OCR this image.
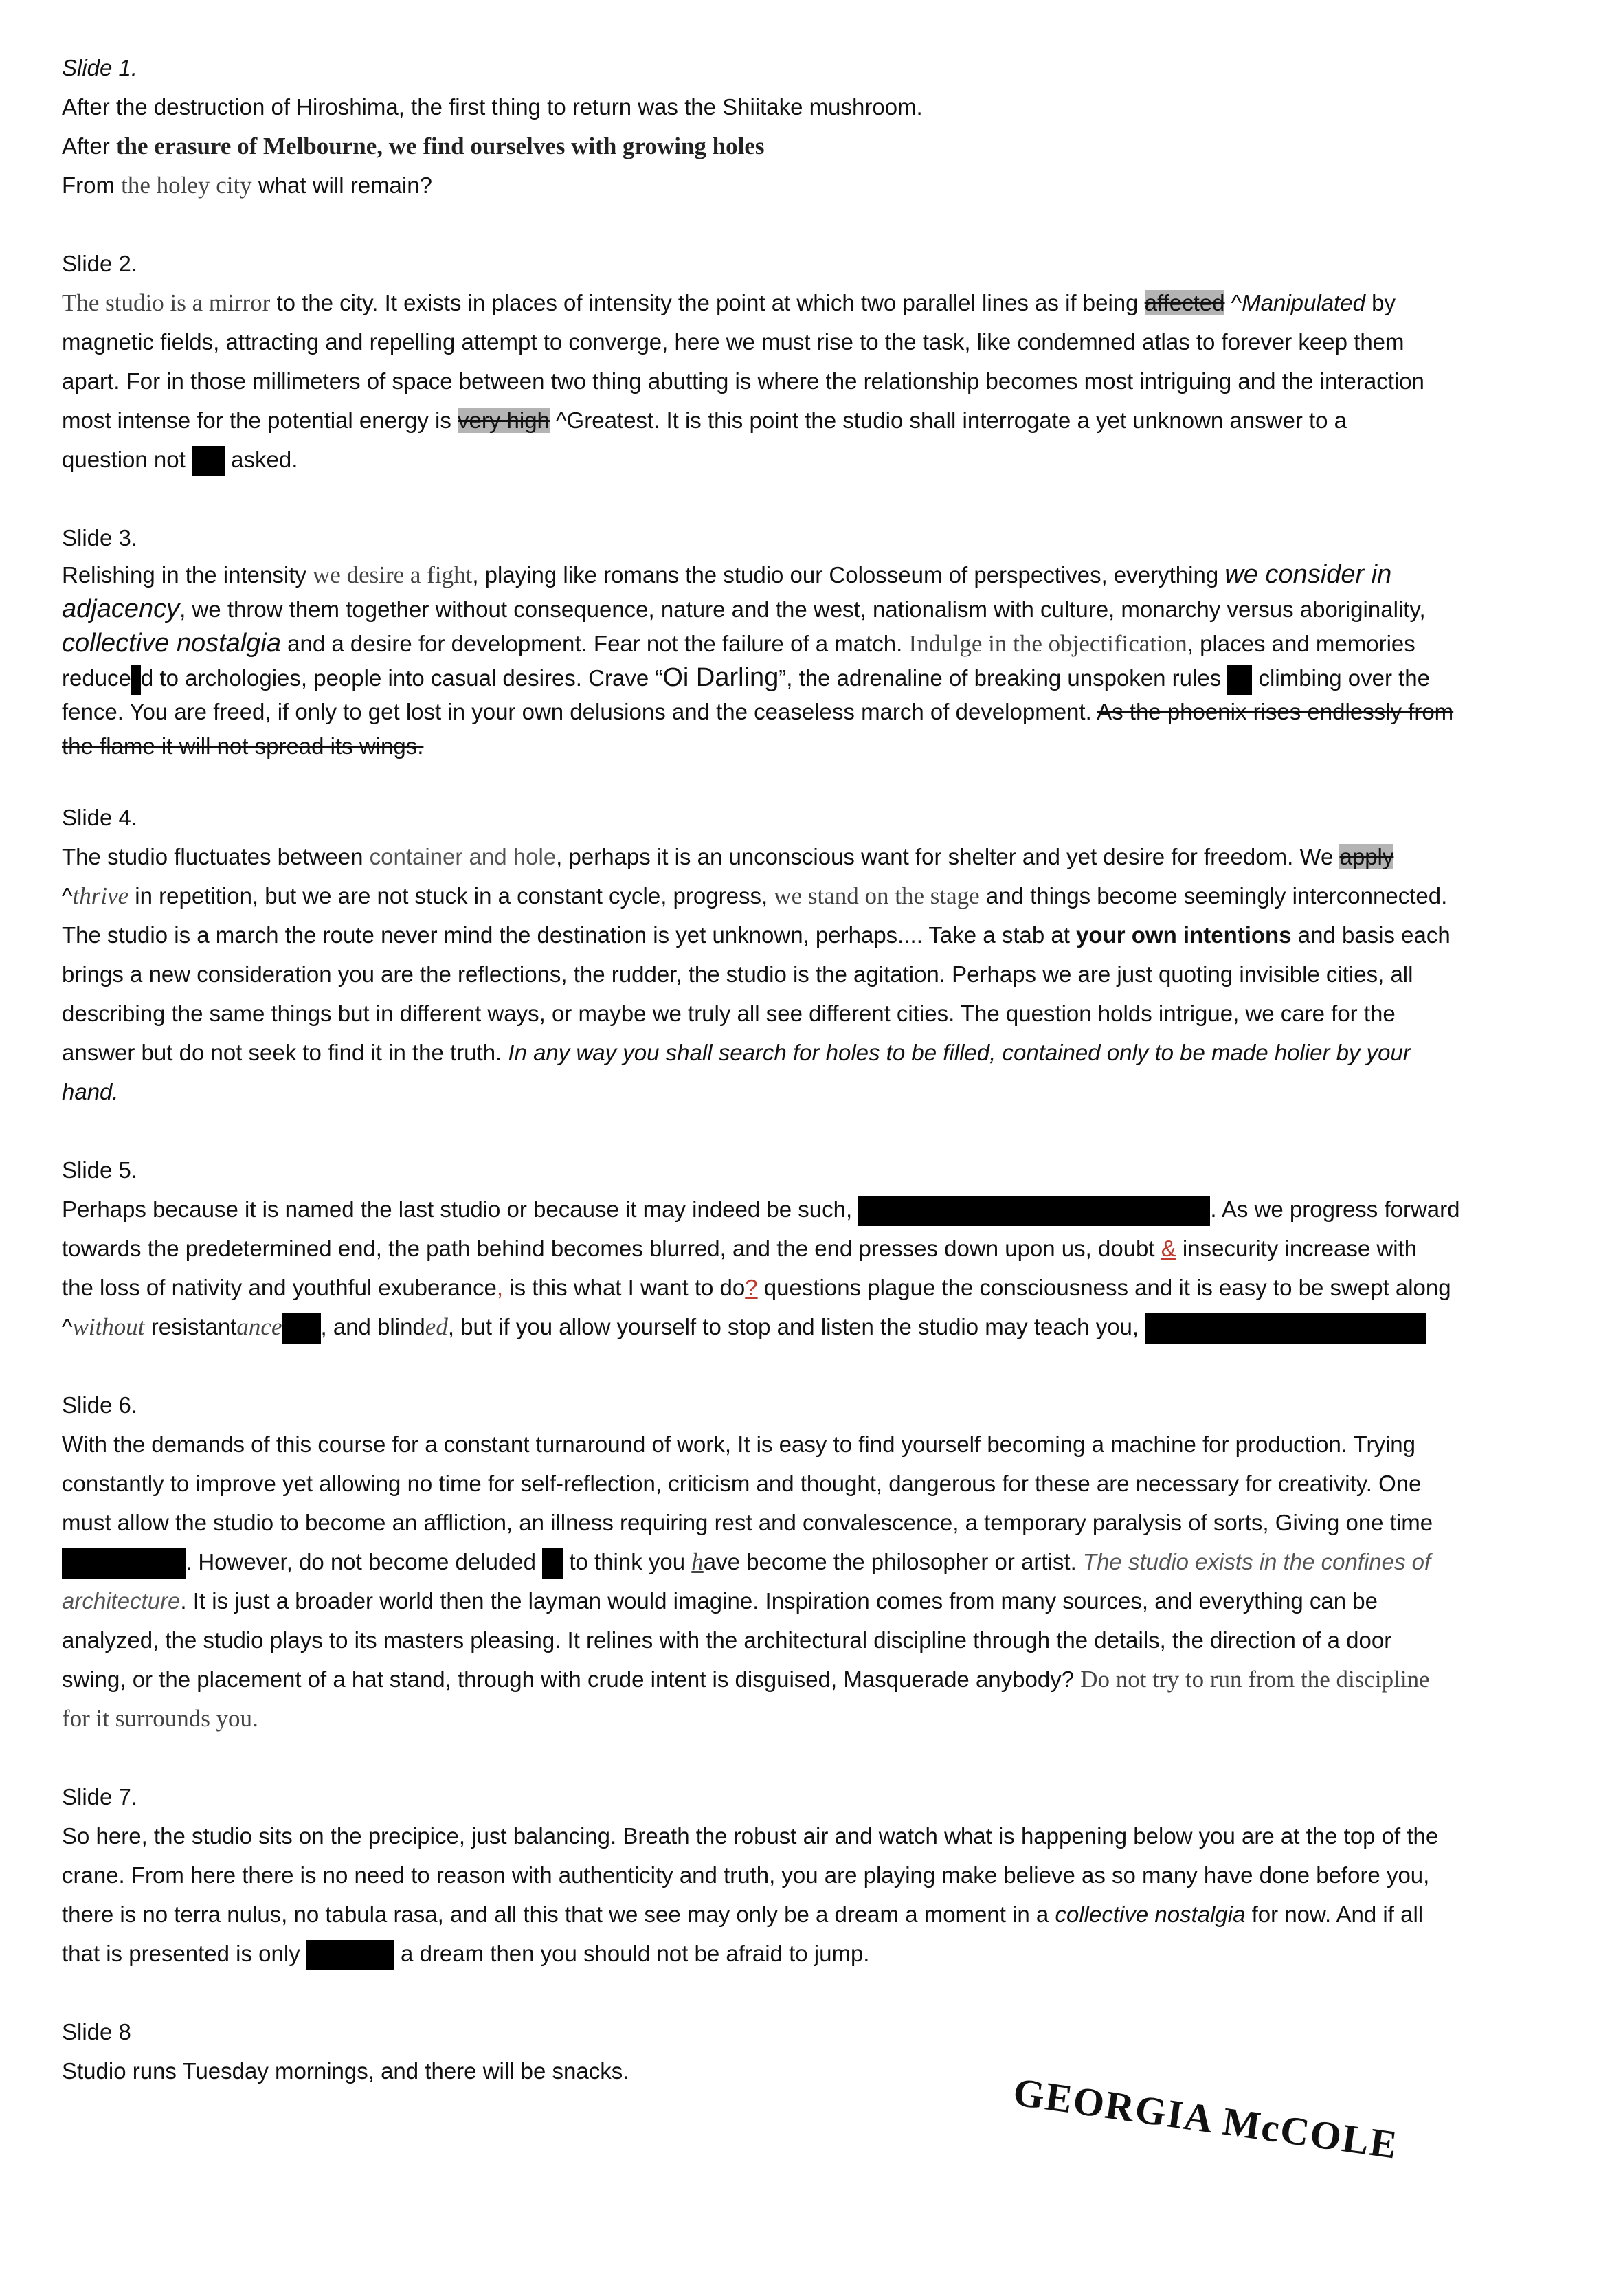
Slide 1.
After the destruction of Hiroshima, the first thing to return was the Shiitake mushroom.
After the erasure of Melbourne, we find ourselves with growing holes
From the holey city what will remain?
Slide 2.
The studio is a mirror to the city. It exists in places of intensity the point at which two parallel lines as if being affected ^Manipulated by
magnetic fields, attracting and repelling attempt to converge, here we must rise to the task, like condemned atlas to forever keep them
apart. For in those millimeters of space between two thing abutting is where the relationship becomes most intriguing and the interaction
most intense for the potential energy is very high ^Greatest. It is this point the studio shall interrogate a yet unknown answer to a
question not  asked.
Slide 3.
Relishing in the intensity we desire a fight, playing like romans the studio our Colosseum of perspectives, everything we consider in
adjacency, we throw them together without consequence, nature and the west, nationalism with culture, monarchy versus aboriginality,
collective nostalgia and a desire for development. Fear not the failure of a match. Indulge in the objectification, places and memories
reduce d to archologies, people into casual desires. Crave “Oi Darling”, the adrenaline of breaking unspoken rules  climbing over the
fence. You are freed, if only to get lost in your own delusions and the ceaseless march of development. As the phoenix rises endlessly from
the flame it will not spread its wings.
Slide 4.
The studio fluctuates between container and hole, perhaps it is an unconscious want for shelter and yet desire for freedom. We apply
^thrive in repetition, but we are not stuck in a constant cycle, progress, we stand on the stage and things become seemingly interconnected.
The studio is a march the route never mind the destination is yet unknown, perhaps.... Take a stab at your own intentions and basis each
brings a new consideration you are the reflections, the rudder, the studio is the agitation. Perhaps we are just quoting invisible cities, all
describing the same things but in different ways, or maybe we truly all see different cities. The question holds intrigue, we care for the
answer but do not seek to find it in the truth. In any way you shall search for holes to be filled, contained only to be made holier by your
hand.
Slide 5.
Perhaps because it is named the last studio or because it may indeed be such,	. As we progress forward
towards the predetermined end, the path behind becomes blurred, and the end presses down upon us, doubt & insecurity increase with
the loss of nativity and youthful exuberance, is this what I want to do? questions plague the consciousness and it is easy to be swept along
^without resistantance , and blinded, but if you allow yourself to stop and listen the studio may teach you,
Slide 6.
With the demands of this course for a constant turnaround of work, It is easy to find yourself becoming a machine for production. Trying
constantly to improve yet allowing no time for self-reflection, criticism and thought, dangerous for these are necessary for creativity. One
must allow the studio to become an affliction, an illness requiring rest and convalescence, a temporary paralysis of sorts, Giving one time
. However, do not become deluded  to think you have become the philosopher or artist. The studio exists in the confines of
architecture. It is just a broader world then the layman would imagine. Inspiration comes from many sources, and everything can be
analyzed, the studio plays to its masters pleasing. It relines with the architectural discipline through the details, the direction of a door
swing, or the placement of a hat stand, through with crude intent is disguised, Masquerade anybody? Do not try to run from the discipline
for it surrounds you.
Slide 7.
So here, the studio sits on the precipice, just balancing. Breath the robust air and watch what is happening below you are at the top of the
crane. From here there is no need to reason with authenticity and truth, you are playing make believe as so many have done before you,
there is no terra nulus, no tabula rasa, and all this that we see may only be a dream a moment in a collective nostalgia for now. And if all
that is presented is only	a dream then you should not be afraid to jump.
Slide 8
Studio runs Tuesday mornings, and there will be snacks.	GEORGIA McCOLE
